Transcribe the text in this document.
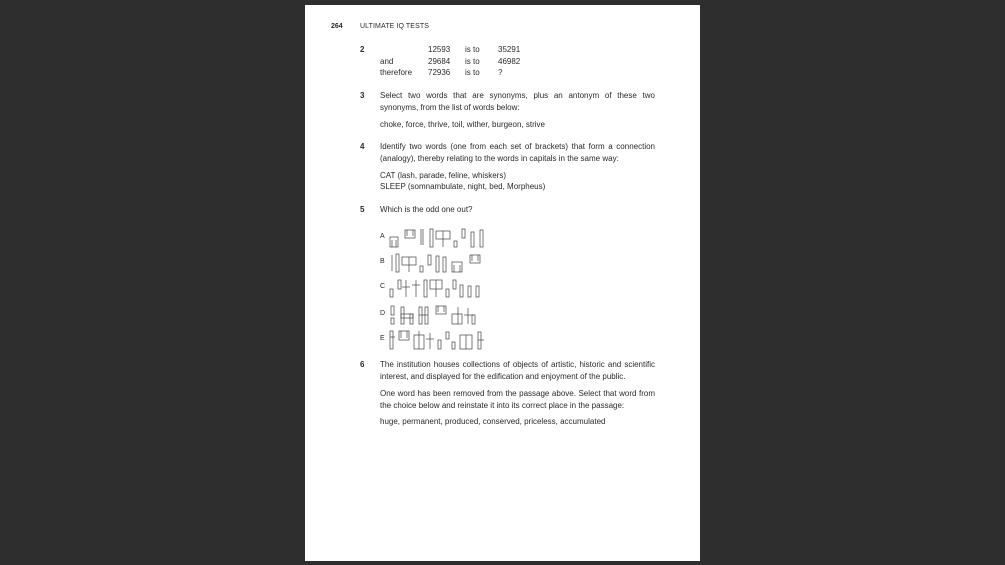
264 ULTIMATE IQ TESTS
2	12593 is to 35291
and	29684 is to 46982
therefore 72936 is to ?
3 Select two words that are synonyms, plus an antonym of these two synonyms, from the list of words below:
choke, force, thrive, toil, wither, burgeon, strive
4 Identify two words (one from each set of brackets) that form a connection (analogy), thereby relating to the words in capitals in the same way:
CAT (lash, parade, feline, whiskers)
SLEEP (somnambulate, night, bed, Morpheus)
5 Which is the odd one out?
A
B
C
D
E
6 The institution houses collections of objects of artistic, historic and scientific interest, and displayed for the edification and enjoyment of the public.
One word has been removed from the passage above. Select that word from the choice below and reinstate it into its correct place in the passage:
huge, permanent, produced, conserved, priceless, accumulated
